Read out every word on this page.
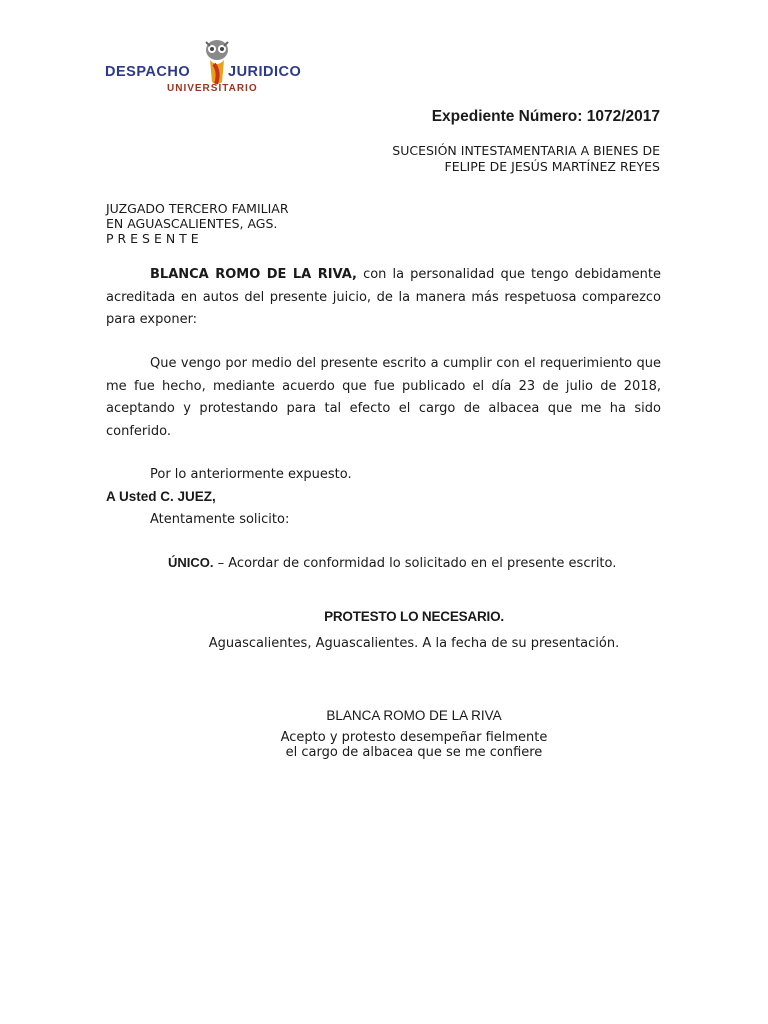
DESPACHO	JURIDICO
UNIVERSITARIO
Expediente Número: 1072/2017
SUCESIÓN INTESTAMENTARIA A BIENES DE
FELIPE DE JESÚS MARTÍNEZ REYES
JUZGADO TERCERO FAMILIAR
EN AGUASCALIENTES, AGS.
P R E S E N T E
BLANCA ROMO DE LA RIVA, con la personalidad que tengo debidamente acreditada en autos del presente juicio, de la manera más respetuosa comparezco para exponer:
Que vengo por medio del presente escrito a cumplir con el requerimiento que me fue hecho, mediante acuerdo que fue publicado el día 23 de julio de 2018, aceptando y protestando para tal efecto el cargo de albacea que me ha sido conferido.
Por lo anteriormente expuesto.
A Usted C. JUEZ,
Atentamente solicito:
ÚNICO. – Acordar de conformidad lo solicitado en el presente escrito.
PROTESTO LO NECESARIO.
Aguascalientes, Aguascalientes. A la fecha de su presentación.
BLANCA ROMO DE LA RIVA
Acepto y protesto desempeñar fielmente
el cargo de albacea que se me confiere
